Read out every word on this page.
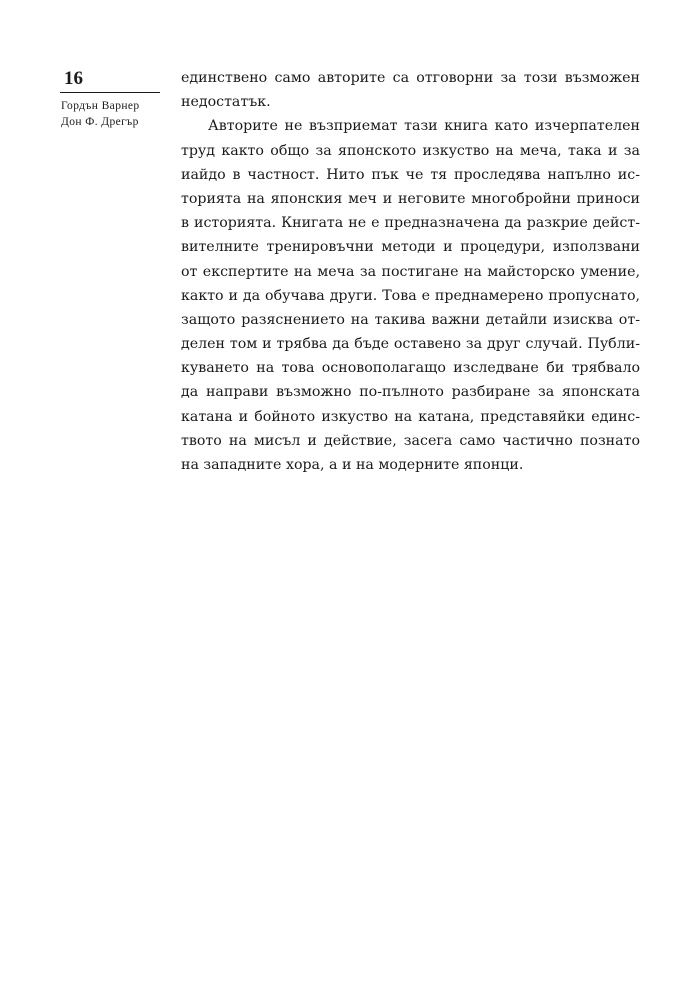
16
Гордън Варнер
Дон Ф. Дрегър
единствено само авторите са отговорни за този възможен
недостатък.
Авторите не възприемат тази книга като изчерпателен
труд както общо за японското изкуство на меча, така и за
иайдо в частност. Нито пък че тя проследява напълно ис-
торията на японския меч и неговите многобройни приноси
в историята. Книгата не е предназначена да разкрие дейст-
вителните тренировъчни методи и процедури, използвани
от експертите на меча за постигане на майсторско умение,
както и да обучава други. Това е преднамерено пропуснато,
защото разяснението на такива важни детайли изисква от-
делен том и трябва да бъде оставено за друг случай. Публи-
куването на това основополагащо изследване би трябвало
да направи възможно по-пълното разбиране за японската
катана и бойното изкуство на катана, представяйки единс-
твото на мисъл и действие, засега само частично познато
на западните хора, а и на модерните японци.
